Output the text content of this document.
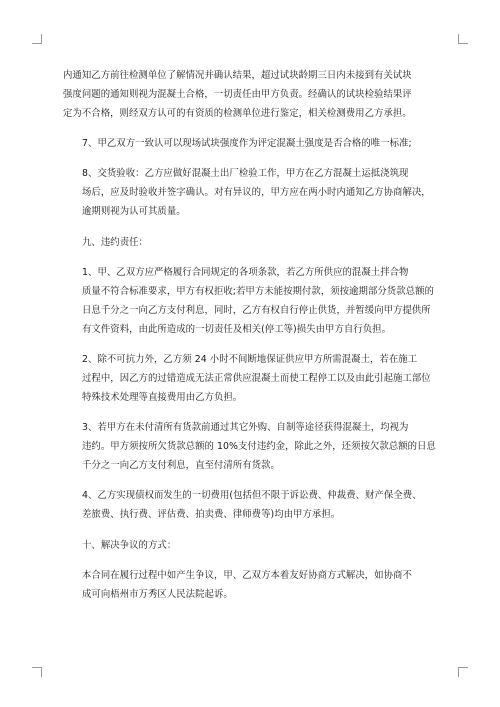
内通知乙方前往检测单位了解情况并确认结果，超过试块龄期三日内未接到有关试块
强度问题的通知则视为混凝土合格，一切责任由甲方负责。经确认的试块检验结果评
定为不合格，则经双方认可的有资质的检测单位进行鉴定，相关检测费用乙方承担。

7、甲乙双方一致认可以现场试块强度作为评定混凝土强度是否合格的唯一标准;

8、交货验收：乙方应做好混凝土出厂检验工作，甲方在乙方混凝土运抵浇筑现
场后，应及时验收并签字确认。对有异议的，甲方应在两小时内通知乙方协商解决，
逾期则视为认可其质量。

九、违约责任：

1、甲、乙双方应严格履行合同规定的各项条款，若乙方所供应的混凝土拌合物
质量不符合标准要求，甲方有权拒收;若甲方未能按期付款，须按逾期部分货款总额的
日息千分之一向乙方支付利息，同时，乙方有权自行停止供货，并暂缓向甲方提供所
有文件资料，由此所造成的一切责任及相关(停工等)损失由甲方自行负担。

2、除不可抗力外，乙方须 24 小时不间断地保证供应甲方所需混凝土，若在施工
过程中，因乙方的过错造成无法正常供应混凝土而使工程停工以及由此引起施工部位
特殊技术处理等直接费用由乙方负担。

3、若甲方在未付清所有货款前通过其它外购、自制等途径获得混凝土，均视为
违约。甲方须按所欠货款总额的 10%支付违约金，除此之外，还须按欠款总额的日息
千分之一向乙方支付利息，直至付清所有货款。

4、乙方实现债权而发生的一切费用(包括但不限于诉讼费、仲裁费、财产保全费、
差旅费、执行费、评估费、拍卖费、律师费等)均由甲方承担。

十、解决争议的方式：

本合同在履行过程中如产生争议，甲、乙双方本着友好协商方式解决，如协商不
成可向梧州市万秀区人民法院起诉。
